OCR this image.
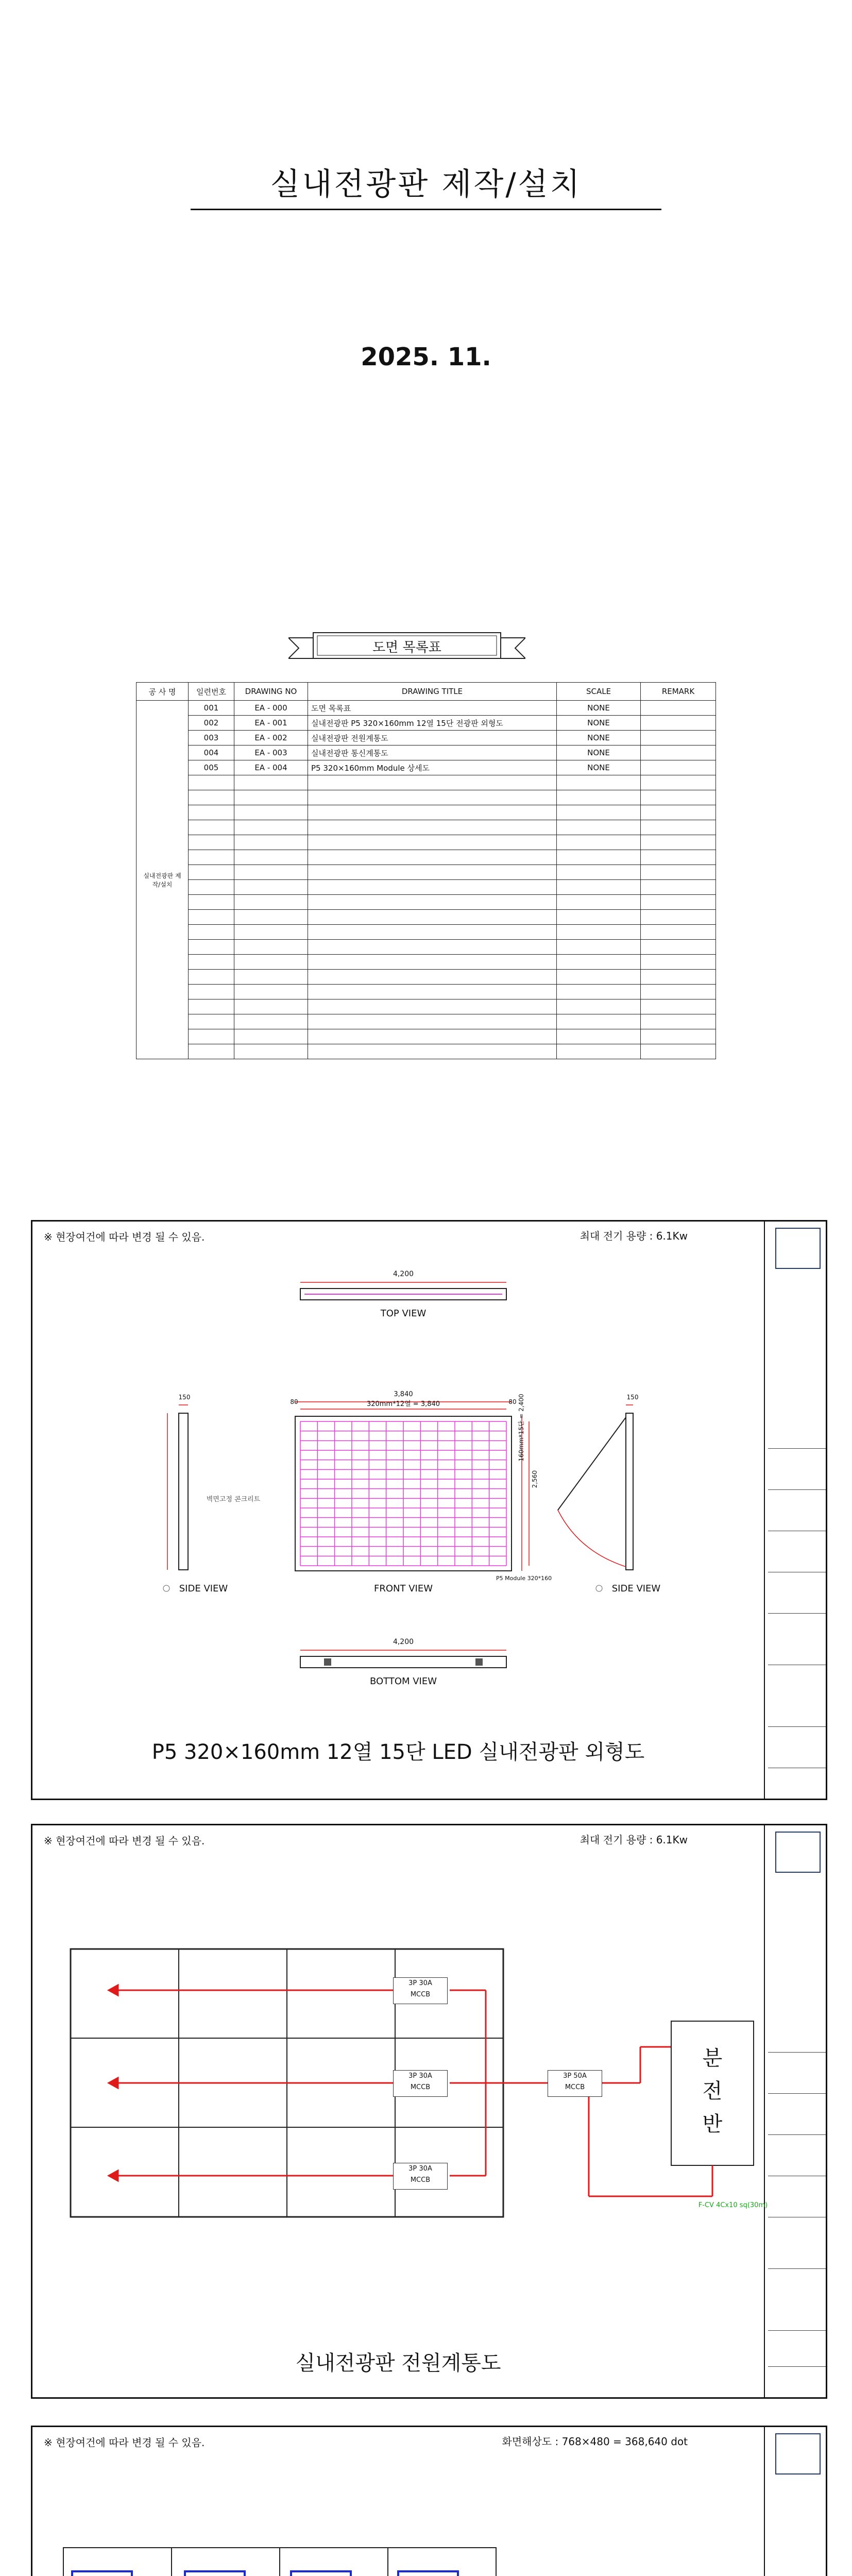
실내전광판 제작/설치
2025. 11.
도면 목록표
공 사 명	일련번호	DRAWING NO	DRAWING TITLE	SCALE	REMARK
실내전광판 제작/설치	001	EA - 000	도면 목록표	NONE	
	002	EA - 001	실내전광판 P5 320×160mm 12열 15단 전광판 외형도	NONE	
	003	EA - 002	실내전광판 전원계통도	NONE	
	004	EA - 003	실내전광판 통신계통도	NONE	
	005	EA - 004	P5 320×160mm Module 상세도	NONE	

※ 현장여건에 따라 변경 될 수 있음.	최대 전기 용량 : 6.1Kw
4,200
TOP VIEW
3,840
320mm*12열 = 3,840
80	80 160mm*15단 = 2,400
2,560
P5 Module 320*160
FRONT VIEW
150	150
벽면고정 콘크리트
SIDE VIEW	SIDE VIEW
4,200
BOTTOM VIEW
P5 320×160mm 12열 15단 LED 실내전광판 외형도
※ 현장여건에 따라 변경 될 수 있음.	최대 전기 용량 : 6.1Kw
3P 30A
MCCB
3P 30A
MCCB
3P 30A
MCCB
3P 50A
MCCB
분
전
반
F-CV 4Cx10 sq(30m)
실내전광판 전원계통도
※ 현장여건에 따라 변경 될 수 있음.	화면해상도 : 768×480 = 368,640 dot
